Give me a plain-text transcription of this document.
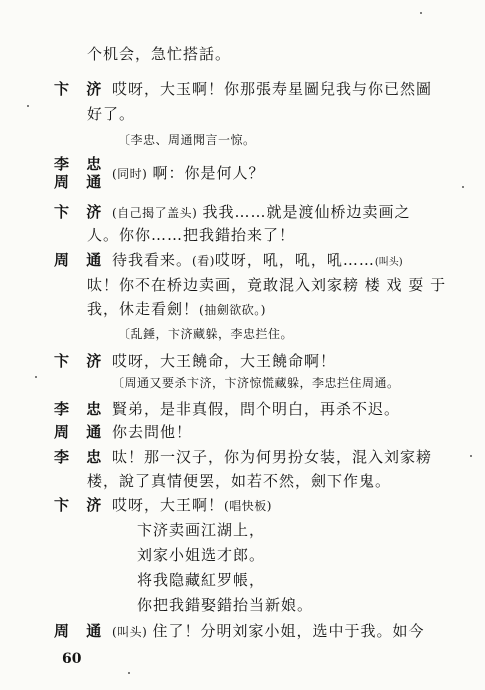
个机会，急忙搭話。
卞 济 哎呀，大玉啊！你那張寿星圖兒我与你已然圖
好了。
〔李忠、周通聞言一惊。
李 忠
周 通 (同时) 啊：你是何人？
卞 济 (自己揭了盖头) 我我……就是渡仙桥边卖画之
人。你你……把我錯抬来了！
周 通 待我看来。(看)哎呀，吼，吼，吼……(叫头)
呔！你不在桥边卖画，竟敢混入刘家耪 楼 戏 耍 于
我，休走看劍！(抽劍欲砍。)
〔乱錘，卞济藏躲，李忠拦住。
卞 济 哎呀，大王饒命，大王饒命啊！
〔周通又要杀卞济，卞济惊慌藏躲，李忠拦住周通。
李 忠 賢弟，是非真假，問个明白，再杀不迟。
周 通 你去問他！
李 忠 呔！那一汉子，你为何男扮女装，混入刘家耪
楼，說了真情便罢，如若不然，劍下作鬼。
卞 济 哎呀，大王啊！(唱快板)
卞济卖画江湖上，
刘家小姐选才郎。
将我隐藏紅罗帳，
你把我錯娶錯抬当新娘。
周 通 (叫头) 住了！分明刘家小姐，选中于我。如今
60
